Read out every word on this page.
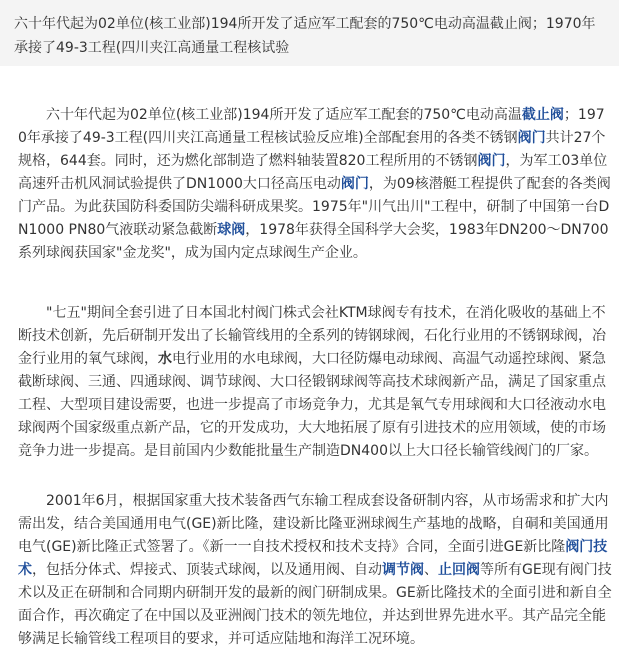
六十年代起为02单位(核工业部)194所开发了适应军工配套的750℃电动高温截止阀；1970年承接了49-3工程(四川夹江高通量工程核试验

六十年代起为02单位(核工业部)194所开发了适应军工配套的750℃电动高温截止阀；1970年承接了49-3工程(四川夹江高通量工程核试验反应堆)全部配套用的各类不锈钢阀门共计27个规格，644套。同时，还为燃化部制造了燃料轴装置820工程所用的不锈钢阀门，为军工03单位高速歼击机风洞试验提供了DN1000大口径高压电动阀门，为09核潜艇工程提供了配套的各类阀门产品。为此获国防科委国防尖端科研成果奖。1975年"川气出川"工程中，研制了中国第一台DN1000 PN80气液联动紧急截断球阀，1978年获得全国科学大会奖，1983年DN200～DN700系列球阀获国家"金龙奖"，成为国内定点球阀生产企业。

"七五"期间全套引进了日本国北村阀门株式会社KTM球阀专有技术，在消化吸收的基础上不断技术创新，先后研制开发出了长输管线用的全系列的铸钢球阀，石化行业用的不锈钢球阀，冶金行业用的氧气球阀，水电行业用的水电球阀，大口径防爆电动球阀、高温气动遥控球阀、紧急截断球阀、三通、四通球阀、调节球阀、大口径锻钢球阀等高技术球阀新产品，满足了国家重点工程、大型项目建设需要，也进一步提高了市场竞争力，尤其是氧气专用球阀和大口径液动水电球阀两个国家级重点新产品，它的开发成功，大大地拓展了原有引进技术的应用领域，使的市场竞争力进一步提高。是目前国内少数能批量生产制造DN400以上大口径长输管线阀门的厂家。

2001年6月，根据国家重大技术装备西气东输工程成套设备研制内容，从市场需求和扩大内需出发，结合美国通用电气(GE)新比隆，建设新比隆亚洲球阀生产基地的战略，自硐和美国通用电气(GE)新比隆正式签署了。《新一一自技术授权和技术支持》合同，全面引进GE新比隆阀门技术，包括分体式、焊接式、顶装式球阀，以及通用阀、自动调节阀、止回阀等所有GE现有阀门技术以及正在研制和合同期内研制开发的最新的阀门研制成果。GE新比隆技术的全面引进和新自全面合作，再次确定了在中国以及亚洲阀门技术的领先地位，并达到世界先进水平。其产品完全能够满足长输管线工程项目的要求，并可适应陆地和海洋工况环境。
